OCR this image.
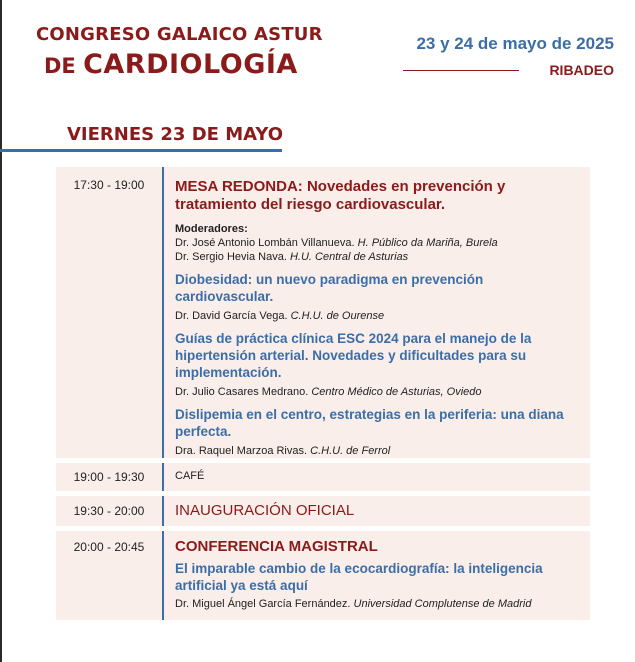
CONGRESO GALAICO ASTUR
DE CARDIOLOGÍA
23 y 24 de mayo de 2025
RIBADEO
VIERNES 23 DE MAYO
17:30 - 19:00	MESA REDONDA: Novedades en prevención y tratamiento del riesgo cardiovascular.
Moderadores:
Dr. José Antonio Lombán Villanueva. H. Público da Mariña, Burela
Dr. Sergio Hevia Nava. H.U. Central de Asturias
Diobesidad: un nuevo paradigma en prevención cardiovascular.
Dr. David García Vega. C.H.U. de Ourense
Guías de práctica clínica ESC 2024 para el manejo de la hipertensión arterial. Novedades y dificultades para su implementación.
Dr. Julio Casares Medrano. Centro Médico de Asturias, Oviedo
Dislipemia en el centro, estrategias en la periferia: una diana perfecta.
Dra. Raquel Marzoa Rivas. C.H.U. de Ferrol
19:00 - 19:30	CAFÉ
19:30 - 20:00	INAUGURACIÓN OFICIAL
20:00 - 20:45	CONFERENCIA MAGISTRAL
El imparable cambio de la ecocardiografía: la inteligencia artificial ya está aquí
Dr. Miguel Ángel García Fernández. Universidad Complutense de Madrid
